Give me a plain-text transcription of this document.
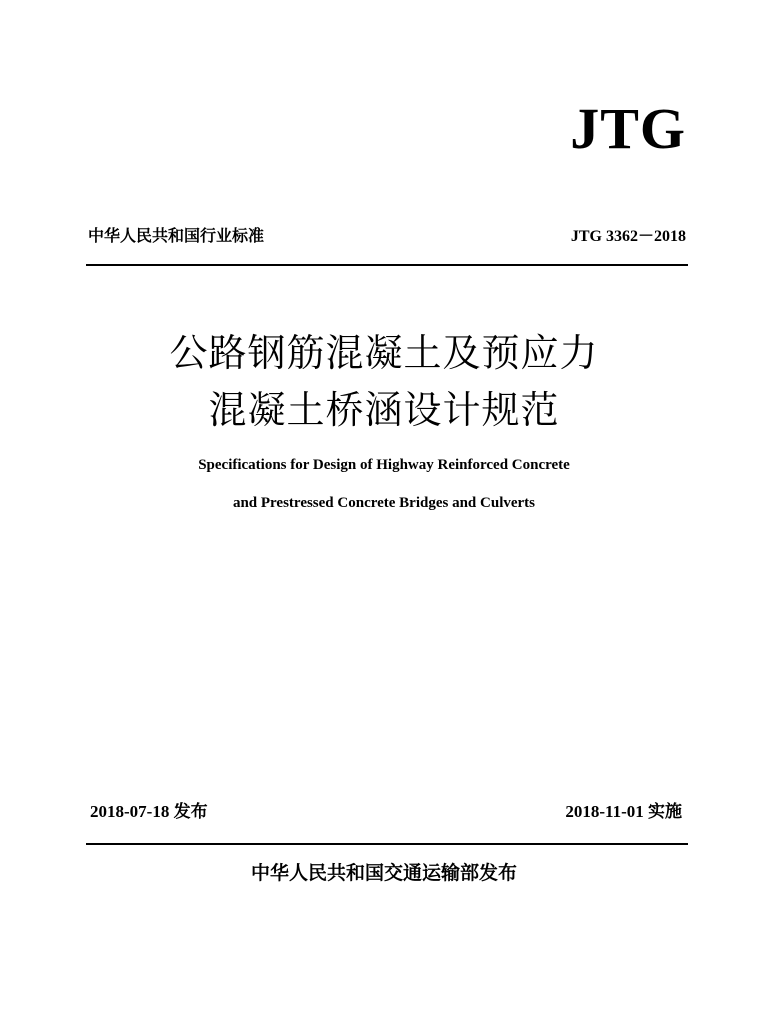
JTG
中华人民共和国行业标准	JTG 3362－2018
公路钢筋混凝土及预应力
混凝土桥涵设计规范
Specifications for Design of Highway Reinforced Concrete
and Prestressed Concrete Bridges and Culverts
2018-07-18 发布	2018-11-01 实施
中华人民共和国交通运输部发布
